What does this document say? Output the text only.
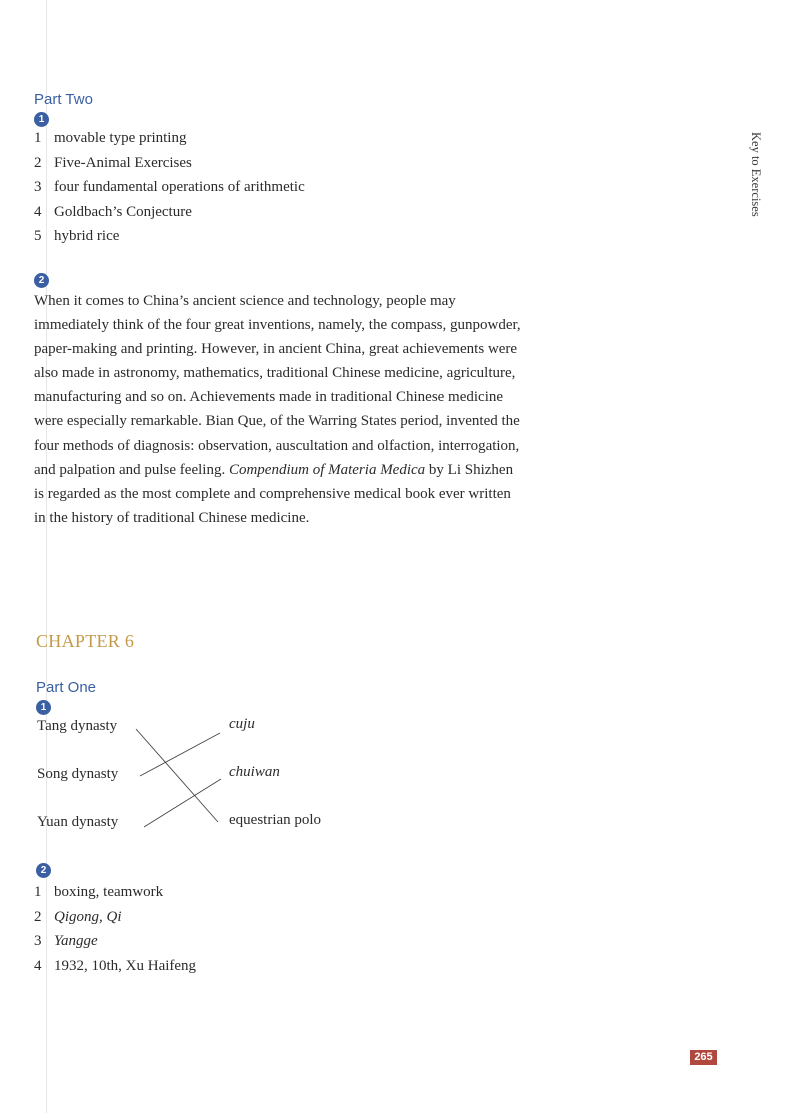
Key to Exercises
Part Two
1
1 movable type printing
2 Five-Animal Exercises
3 four fundamental operations of arithmetic
4 Goldbach’s Conjecture
5 hybrid rice
2

When it comes to China’s ancient science and technology, people may immediately think of the four great inventions, namely, the compass, gunpowder, paper-making and printing. However, in ancient China, great achievements were also made in astronomy, mathematics, traditional Chinese medicine, agriculture, manufacturing and so on. Achievements made in traditional Chinese medicine were especially remarkable. Bian Que, of the Warring States period, invented the four methods of diagnosis: observation, auscultation and olfaction, interrogation, and palpation and pulse feeling. Compendium of Materia Medica by Li Shizhen is regarded as the most complete and comprehensive medical book ever written in the history of traditional Chinese medicine.

CHAPTER 6
Part One
1
Tang dynasty
Song dynasty
Yuan dynasty
cuju
chuiwan
equestrian polo
2
1 boxing, teamwork
2 Qigong, Qi
3 Yangge
4 1932, 10th, Xu Haifeng
265
